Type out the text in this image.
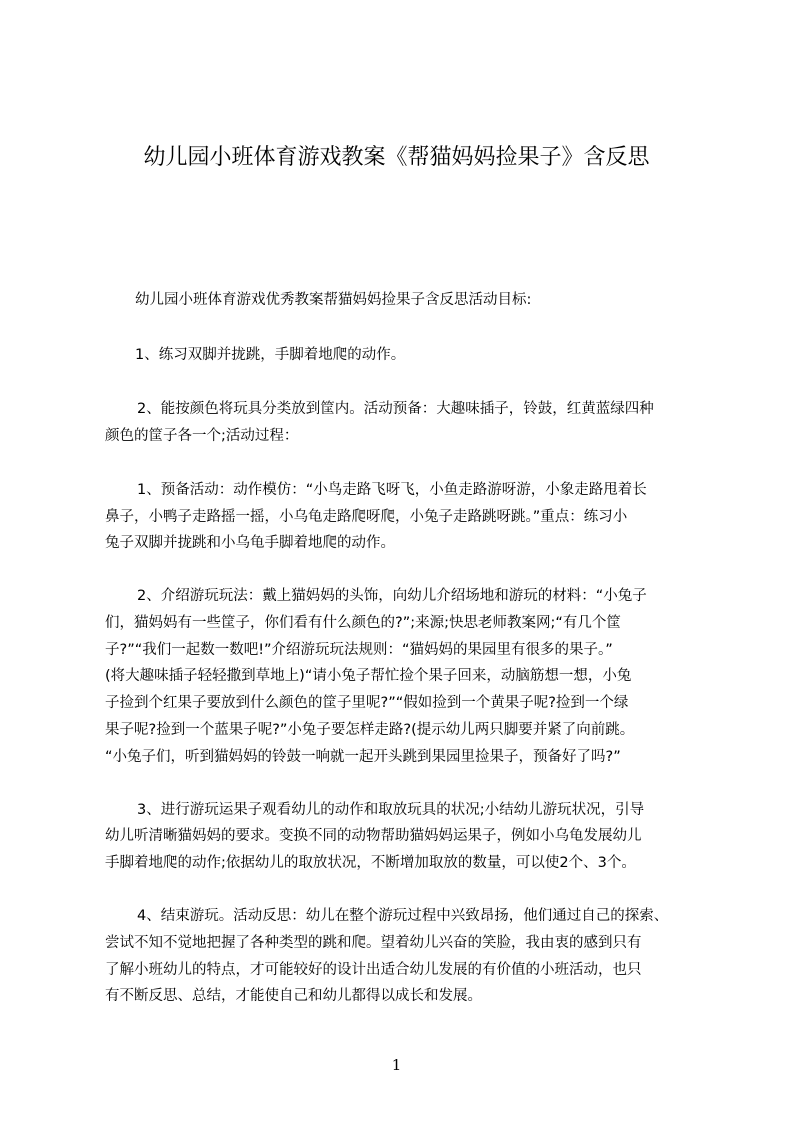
幼儿园小班体育游戏教案《帮猫妈妈捡果子》含反思
幼儿园小班体育游戏优秀教案帮猫妈妈捡果子含反思活动目标:
1、练习双脚并拢跳，手脚着地爬的动作。
2、能按颜色将玩具分类放到筐内。活动预备：大趣味插子，铃鼓，红黄蓝绿四种
颜色的筐子各一个;活动过程：
1、预备活动：动作模仿：“小鸟走路飞呀飞，小鱼走路游呀游，小象走路甩着长
鼻子，小鸭子走路摇一摇，小乌龟走路爬呀爬，小兔子走路跳呀跳。”重点：练习小
兔子双脚并拢跳和小乌龟手脚着地爬的动作。
2、介绍游玩玩法：戴上猫妈妈的头饰，向幼儿介绍场地和游玩的材料：“小兔子
们，猫妈妈有一些筐子，你们看有什么颜色的?”;来源;快思老师教案网;“有几个筐
子?”“我们一起数一数吧!”介绍游玩玩法规则：“猫妈妈的果园里有很多的果子。”
(将大趣味插子轻轻撒到草地上)“请小兔子帮忙捡个果子回来，动脑筋想一想，小兔
子捡到个红果子要放到什么颜色的筐子里呢?”“假如捡到一个黄果子呢?捡到一个绿
果子呢?捡到一个蓝果子呢?”小兔子要怎样走路?(提示幼儿两只脚要并紧了向前跳。
“小兔子们，听到猫妈妈的铃鼓一响就一起开头跳到果园里捡果子，预备好了吗?”
3、进行游玩运果子观看幼儿的动作和取放玩具的状况;小结幼儿游玩状况，引导
幼儿听清晰猫妈妈的要求。变换不同的动物帮助猫妈妈运果子，例如小乌龟发展幼儿
手脚着地爬的动作;依据幼儿的取放状况，不断增加取放的数量，可以使2个、3个。
4、结束游玩。活动反思：幼儿在整个游玩过程中兴致昂扬，他们通过自己的探索、
尝试不知不觉地把握了各种类型的跳和爬。望着幼儿兴奋的笑脸，我由衷的感到只有
了解小班幼儿的特点，才可能较好的设计出适合幼儿发展的有价值的小班活动，也只
有不断反思、总结，才能使自己和幼儿都得以成长和发展。
1
